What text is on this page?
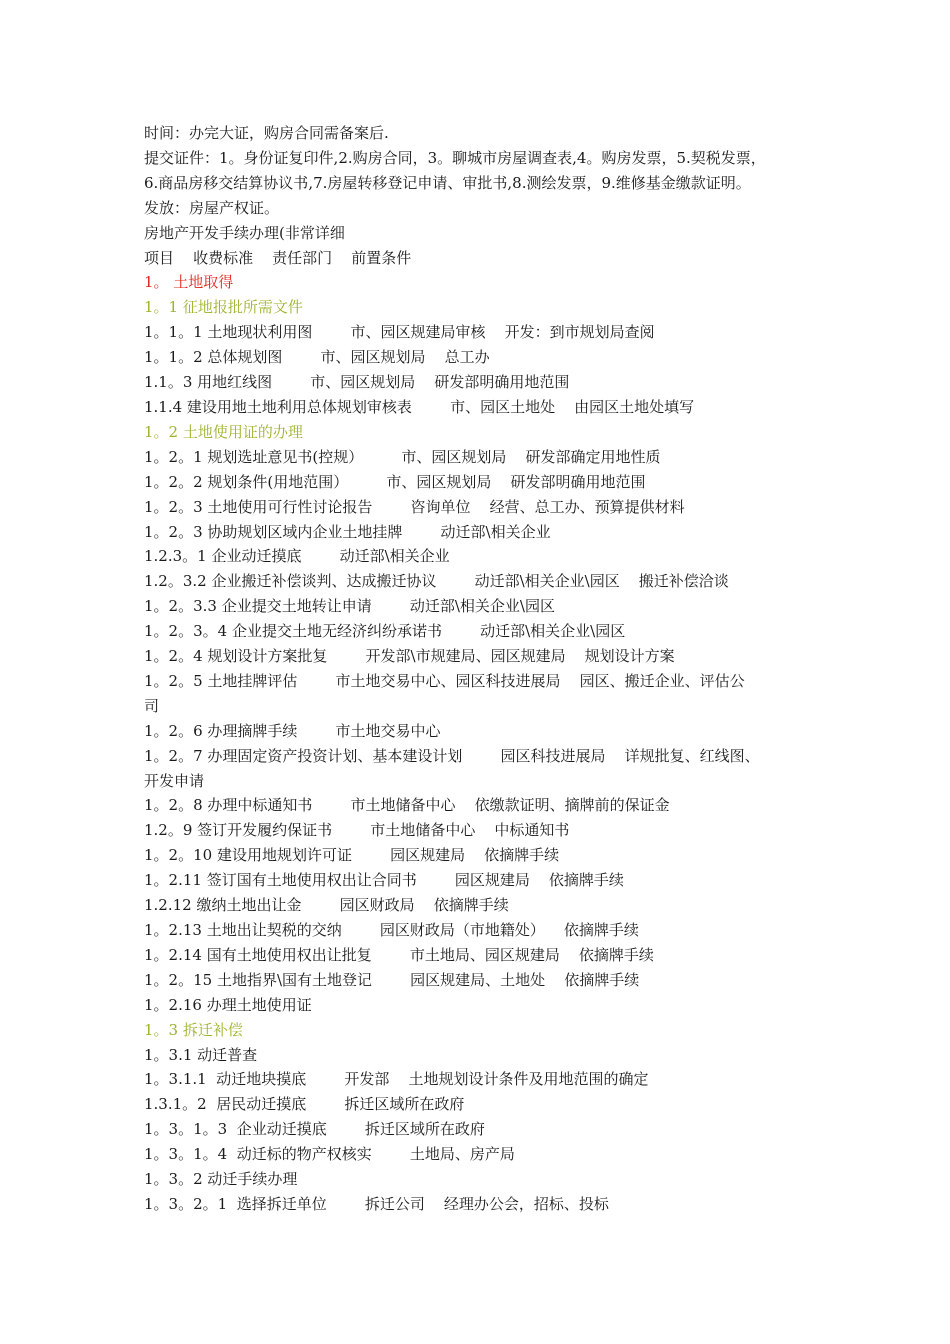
时间：办完大证，购房合同需备案后.
提交证件：1。身份证复印件,2.购房合同，3。聊城市房屋调查表,4。购房发票，5.契税发票，
6.商品房移交结算协议书,7.房屋转移登记申请、审批书,8.测绘发票，9.维修基金缴款证明。
发放：房屋产权证。
房地产开发手续办理(非常详细
项目    收费标准    责任部门    前置条件
1。 土地取得
1。1 征地报批所需文件
1。1。1 土地现状利用图        市、园区规建局审核    开发：到市规划局查阅
1。1。2 总体规划图        市、园区规划局    总工办
1.1。3 用地红线图        市、园区规划局    研发部明确用地范围
1.1.4 建设用地土地利用总体规划审核表        市、园区土地处    由园区土地处填写
1。2 土地使用证的办理
1。2。1 规划选址意见书(控规）        市、园区规划局    研发部确定用地性质
1。2。2 规划条件(用地范围）        市、园区规划局    研发部明确用地范围
1。2。3 土地使用可行性讨论报告        咨询单位    经营、总工办、预算提供材料
1。2。3 协助规划区域内企业土地挂牌        动迁部\相关企业
1.2.3。1 企业动迁摸底        动迁部\相关企业
1.2。3.2 企业搬迁补偿谈判、达成搬迁协议        动迁部\相关企业\园区    搬迁补偿洽谈
1。2。3.3 企业提交土地转让申请        动迁部\相关企业\园区
1。2。3。4 企业提交土地无经济纠纷承诺书        动迁部\相关企业\园区
1。2。4 规划设计方案批复        开发部\市规建局、园区规建局    规划设计方案
1。2。5 土地挂牌评估        市土地交易中心、园区科技进展局    园区、搬迁企业、评估公
司
1。2。6 办理摘牌手续        市土地交易中心
1。2。7 办理固定资产投资计划、基本建设计划        园区科技进展局    详规批复、红线图、
开发申请
1。2。8 办理中标通知书        市土地储备中心    依缴款证明、摘牌前的保证金
1.2。9 签订开发履约保证书        市土地储备中心    中标通知书
1。2。10 建设用地规划许可证        园区规建局    依摘牌手续
1。2.11 签订国有土地使用权出让合同书        园区规建局    依摘牌手续
1.2.12 缴纳土地出让金        园区财政局    依摘牌手续
1。2.13 土地出让契税的交纳        园区财政局（市地籍处）    依摘牌手续
1。2.14 国有土地使用权出让批复        市土地局、园区规建局    依摘牌手续
1。2。15 土地指界\国有土地登记        园区规建局、土地处    依摘牌手续
1。2.16 办理土地使用证
1。3 拆迁补偿
1。3.1 动迁普查
1。3.1.1  动迁地块摸底        开发部    土地规划设计条件及用地范围的确定
1.3.1。2  居民动迁摸底        拆迁区域所在政府
1。3。1。3  企业动迁摸底        拆迁区域所在政府
1。3。1。4  动迁标的物产权核实        土地局、房产局
1。3。2 动迁手续办理
1。3。2。1  选择拆迁单位        拆迁公司    经理办公会，招标、投标
